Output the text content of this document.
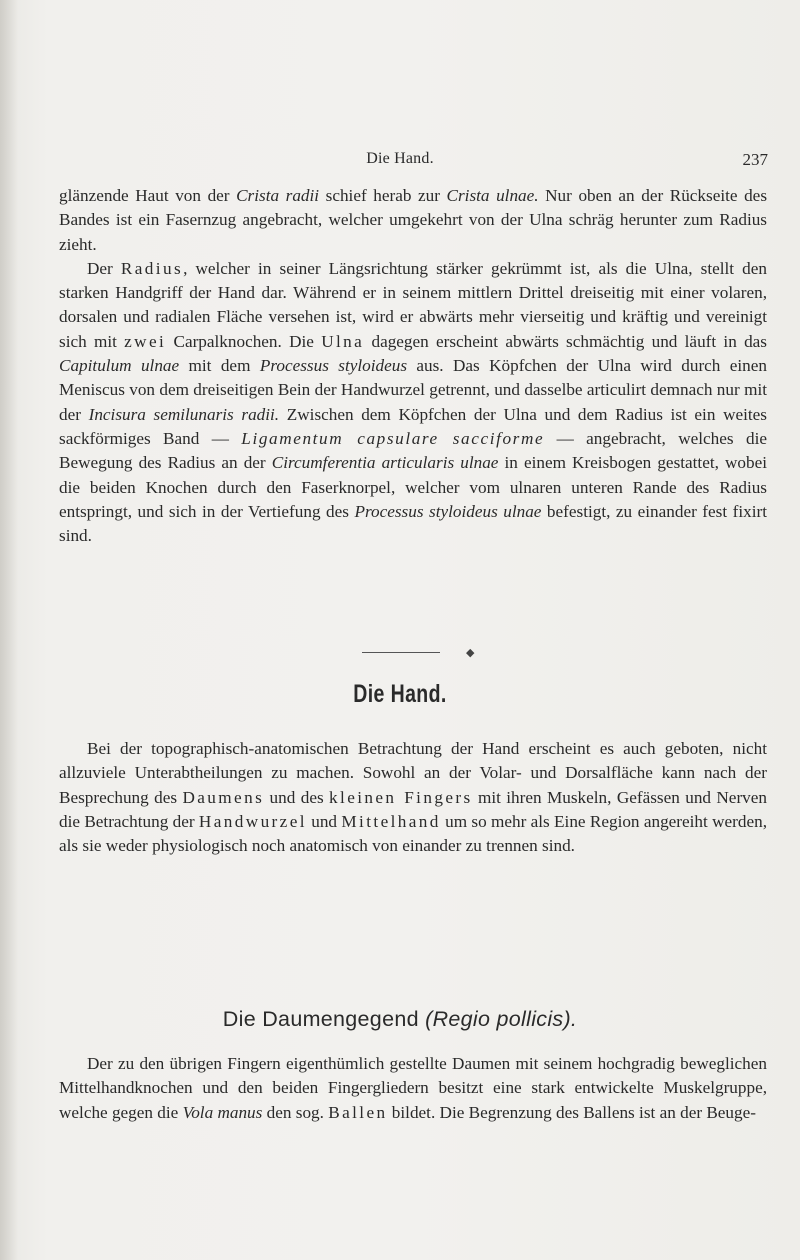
Die Hand.	237

glänzende Haut von der Crista radii schief herab zur Crista ulnae. Nur oben an der Rückseite des Bandes ist ein Fasernzug angebracht, welcher umgekehrt von der Ulna schräg herunter zum Radius zieht.

Der Radius, welcher in seiner Längsrichtung stärker gekrümmt ist, als die Ulna, stellt den starken Handgriff der Hand dar. Während er in seinem mittlern Drittel dreiseitig mit einer volaren, dorsalen und radialen Fläche versehen ist, wird er abwärts mehr vierseitig und kräftig und vereinigt sich mit zwei Carpalknochen. Die Ulna dagegen erscheint abwärts schmächtig und läuft in das Capitulum ulnae mit dem Processus styloideus aus. Das Köpfchen der Ulna wird durch einen Meniscus von dem dreiseitigen Bein der Handwurzel getrennt, und dasselbe articulirt demnach nur mit der Incisura semilunaris radii. Zwischen dem Köpfchen der Ulna und dem Radius ist ein weites sackförmiges Band — Ligamentum capsulare sacciforme — angebracht, welches die Bewegung des Radius an der Circumferentia articularis ulnae in einem Kreisbogen gestattet, wobei die beiden Knochen durch den Faserknorpel, welcher vom ulnaren unteren Rande des Radius entspringt, und sich in der Vertiefung des Processus styloideus ulnae befestigt, zu einander fest fixirt sind.

◆
Die Hand.

Bei der topographisch-anatomischen Betrachtung der Hand erscheint es auch geboten, nicht allzuviele Unterabtheilungen zu machen. Sowohl an der Volar- und Dorsalfläche kann nach der Besprechung des Daumens und des kleinen Fingers mit ihren Muskeln, Gefässen und Nerven die Betrachtung der Handwurzel und Mittelhand um so mehr als Eine Region angereiht werden, als sie weder physiologisch noch anatomisch von einander zu trennen sind.

Die Daumengegend (Regio pollicis).

Der zu den übrigen Fingern eigenthümlich gestellte Daumen mit seinem hochgradig beweglichen Mittelhandknochen und den beiden Fingergliedern besitzt eine stark entwickelte Muskelgruppe, welche gegen die Vola manus den sog. Ballen bildet. Die Begrenzung des Ballens ist an der Beuge-
